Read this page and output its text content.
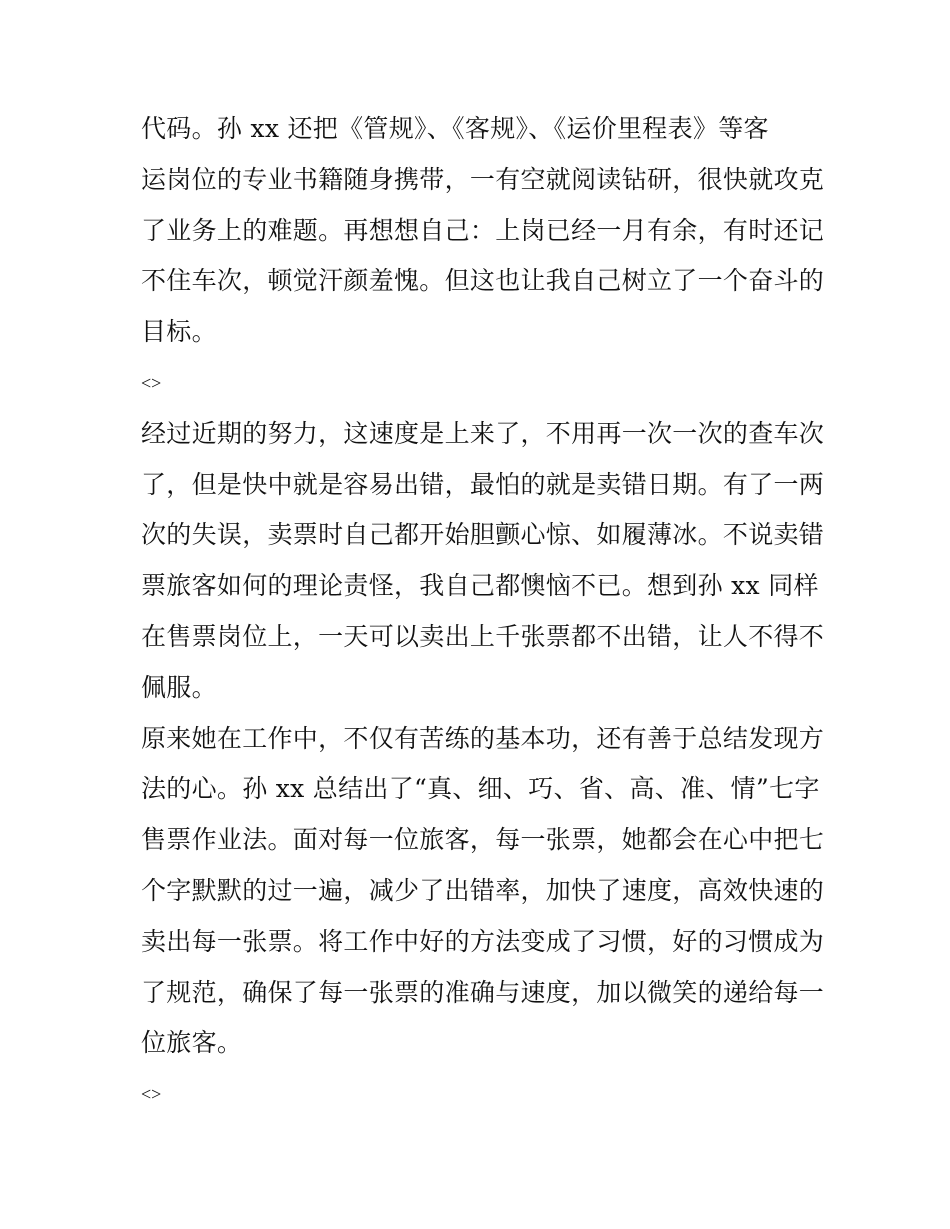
代码。孙 xx 还把《管规》、《客规》、《运价里程表》等客
运岗位的专业书籍随身携带，一有空就阅读钻研，很快就攻克
了业务上的难题。再想想自己：上岗已经一月有余，有时还记
不住车次，顿觉汗颜羞愧。但这也让我自己树立了一个奋斗的
目标。
<>
经过近期的努力，这速度是上来了，不用再一次一次的查车次
了，但是快中就是容易出错，最怕的就是卖错日期。有了一两
次的失误，卖票时自己都开始胆颤心惊、如履薄冰。不说卖错
票旅客如何的理论责怪，我自己都懊恼不已。想到孙 xx 同样
在售票岗位上，一天可以卖出上千张票都不出错，让人不得不
佩服。
原来她在工作中，不仅有苦练的基本功，还有善于总结发现方
法的心。孙 xx 总结出了“真、细、巧、省、高、准、情”七字
售票作业法。面对每一位旅客，每一张票，她都会在心中把七
个字默默的过一遍，减少了出错率，加快了速度，高效快速的
卖出每一张票。将工作中好的方法变成了习惯，好的习惯成为
了规范，确保了每一张票的准确与速度，加以微笑的递给每一
位旅客。
<>
